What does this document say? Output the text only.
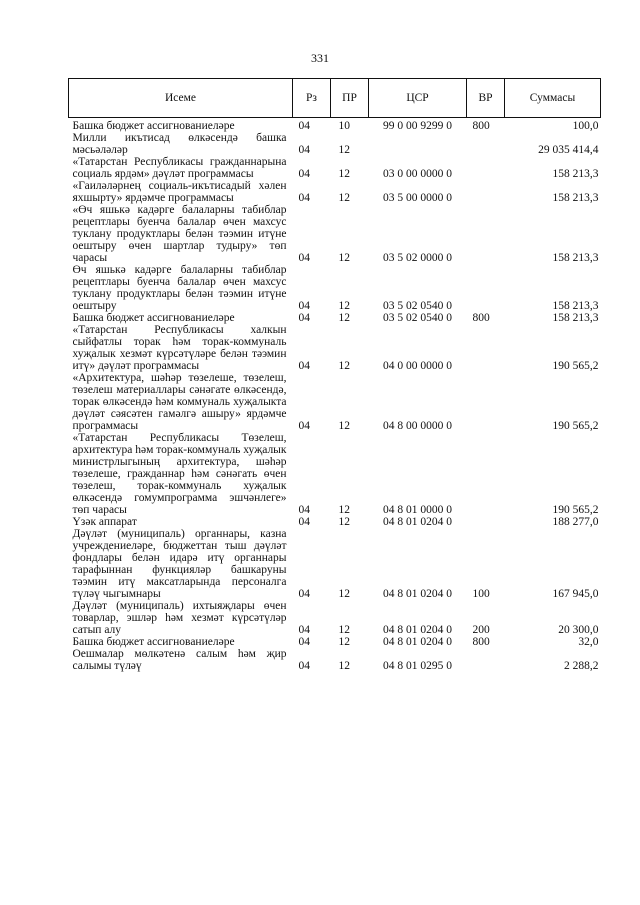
331
Исеме	Рз	ПР	ЦСР	ВР	Суммасы
Башка бюджет ассигнованиеләре	04	10	99 0 00 9299 0	800	100,0
Милли икътисад өлкәсендә башка мәсьәләләр	04	12			29 035 414,4
«Татарстан Республикасы гражданнарына социаль ярдәм» дәүләт программасы	04	12	03 0 00 0000 0		158 213,3
«Гаиләләрнең социаль-икътисадый хәлен яхшырту» ярдәмче программасы	04	12	03 5 00 0000 0		158 213,3
«Өч яшькә кадәрге балаларны табиблар рецептлары буенча балалар өчен махсус туклану продуктлары белән тәэмин итүне оештыру өчен шартлар тудыру» төп чарасы	04	12	03 5 02 0000 0		158 213,3
Өч яшькә кадәрге балаларны табиблар рецептлары буенча балалар өчен махсус туклану продуктлары белән тәэмин итүне оештыру	04	12	03 5 02 0540 0		158 213,3
Башка бюджет ассигнованиеләре	04	12	03 5 02 0540 0	800	158 213,3
«Татарстан Республикасы халкын сыйфатлы торак һәм торак-коммуналь хуҗалык хезмәт күрсәтүләре белән тәэмин итү» дәүләт программасы	04	12	04 0 00 0000 0		190 565,2
«Архитектура, шәһәр төзелеше, төзелеш, төзелеш материаллары сәнәгате өлкәсендә, торак өлкәсендә һәм коммуналь хуҗалыкта дәүләт сәясәтен гамәлгә ашыру» ярдәмче программасы	04	12	04 8 00 0000 0		190 565,2
«Татарстан Республикасы Төзелеш, архитектура һәм торак-коммуналь хуҗалык министрлыгының архитектура, шәһәр төзелеше, гражданнар һәм сәнәгать өчен төзелеш, торак-коммуналь хуҗалык өлкәсендә гомумпрограмма эшчәнлеге» төп чарасы	04	12	04 8 01 0000 0		190 565,2
Үзәк аппарат	04	12	04 8 01 0204 0		188 277,0
Дәүләт (муниципаль) органнары, казна учреждениеләре, бюджеттан тыш дәүләт фондлары белән идарә итү органнары тарафыннан функцияләр башкаруны тәэмин итү максатларында персоналга түләү чыгымнары	04	12	04 8 01 0204 0	100	167 945,0
Дәүләт (муниципаль) ихтыяҗлары өчен товарлар, эшләр һәм хезмәт күрсәтүләр сатып алу	04	12	04 8 01 0204 0	200	20 300,0
Башка бюджет ассигнованиеләре	04	12	04 8 01 0204 0	800	32,0
Оешмалар мөлкәтенә салым һәм җир салымы түләү	04	12	04 8 01 0295 0		2 288,2
